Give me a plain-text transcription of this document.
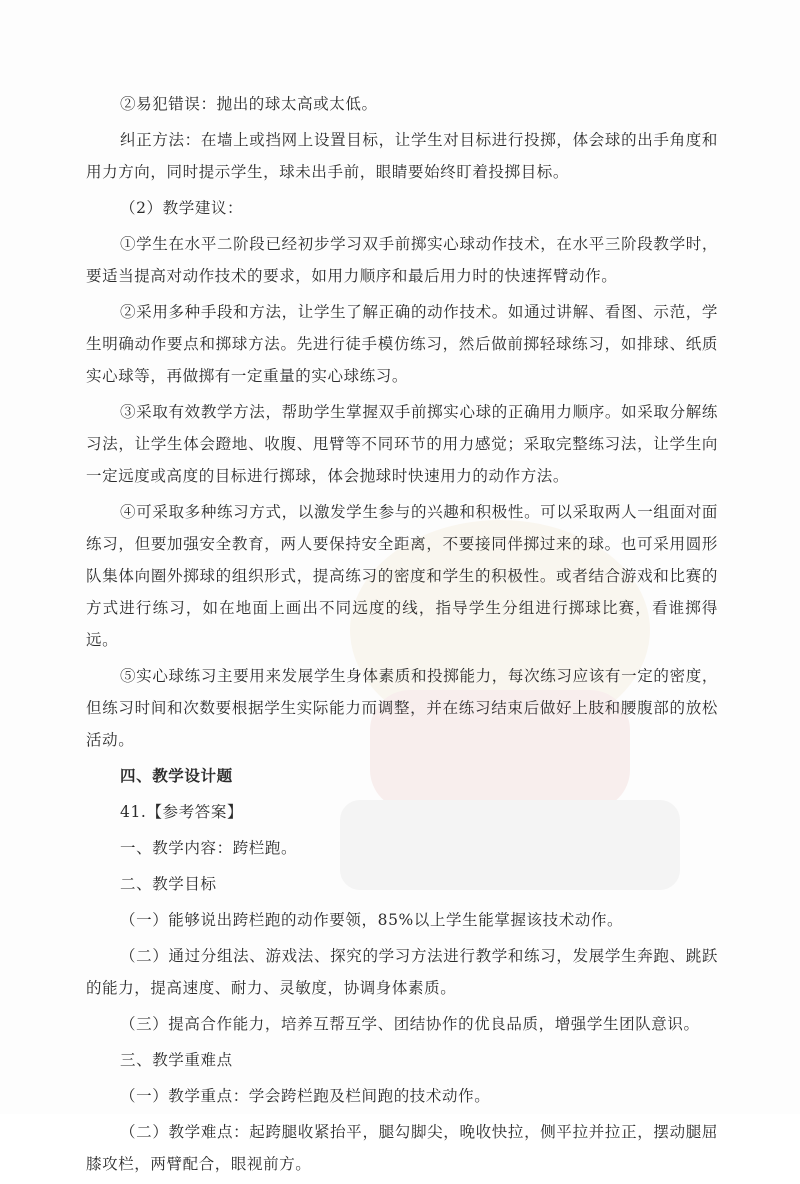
②易犯错误：抛出的球太高或太低。

纠正方法：在墙上或挡网上设置目标，让学生对目标进行投掷，体会球的出手角度和用力方向，同时提示学生，球未出手前，眼睛要始终盯着投掷目标。

（2）教学建议：

①学生在水平二阶段已经初步学习双手前掷实心球动作技术，在水平三阶段教学时，要适当提高对动作技术的要求，如用力顺序和最后用力时的快速挥臂动作。

②采用多种手段和方法，让学生了解正确的动作技术。如通过讲解、看图、示范，学生明确动作要点和掷球方法。先进行徒手模仿练习，然后做前掷轻球练习，如排球、纸质实心球等，再做掷有一定重量的实心球练习。

③采取有效教学方法，帮助学生掌握双手前掷实心球的正确用力顺序。如采取分解练习法，让学生体会蹬地、收腹、甩臂等不同环节的用力感觉；采取完整练习法，让学生向一定远度或高度的目标进行掷球，体会抛球时快速用力的动作方法。

④可采取多种练习方式，以激发学生参与的兴趣和积极性。可以采取两人一组面对面练习，但要加强安全教育，两人要保持安全距离，不要接同伴掷过来的球。也可采用圆形队集体向圈外掷球的组织形式，提高练习的密度和学生的积极性。或者结合游戏和比赛的方式进行练习，如在地面上画出不同远度的线，指导学生分组进行掷球比赛，看谁掷得远。

⑤实心球练习主要用来发展学生身体素质和投掷能力，每次练习应该有一定的密度，但练习时间和次数要根据学生实际能力而调整，并在练习结束后做好上肢和腰腹部的放松活动。

四、教学设计题

41.【参考答案】

一、教学内容：跨栏跑。

二、教学目标

（一）能够说出跨栏跑的动作要领，85%以上学生能掌握该技术动作。

（二）通过分组法、游戏法、探究的学习方法进行教学和练习，发展学生奔跑、跳跃的能力，提高速度、耐力、灵敏度，协调身体素质。

（三）提高合作能力，培养互帮互学、团结协作的优良品质，增强学生团队意识。

三、教学重难点

（一）教学重点：学会跨栏跑及栏间跑的技术动作。

（二）教学难点：起跨腿收紧抬平，腿勾脚尖，晚收快拉，侧平拉并拉正，摆动腿屈膝攻栏，两臂配合，眼视前方。
